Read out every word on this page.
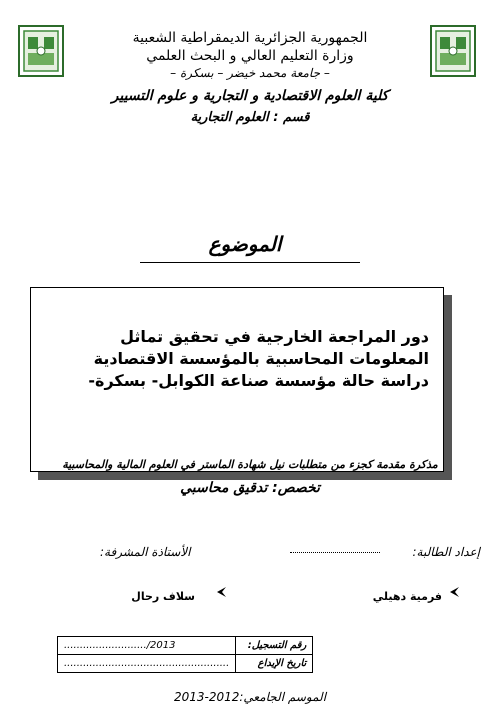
الجمهورية الجزائرية الديمقراطية الشعبية
وزارة التعليم العالي و البحث العلمي
– جامعة محمد خيضر – بسكرة –
كلية العلوم الاقتصادية و التجارية و علوم التسيير
قسم : العلوم التجارية
الموضوع
دور المراجعة الخارجية في تحقيق تماثل المعلومات المحاسبية بالمؤسسة الاقتصادية دراسة حالة مؤسسة صناعة الكوابل- بسكرة-
مذكرة مقدمة كجزء من متطلبات نيل شهادة الماستر في العلوم المالية والمحاسبية
تخصص: تدقيق محاسبي
إعداد الطالبة:
الأستاذة المشرفة:
فرمية دهيلي
سلاف رحال
رقم التسجيل:	........................../2013
تاريخ الإيداع	....................................................
الموسم الجامعي:2012-2013
